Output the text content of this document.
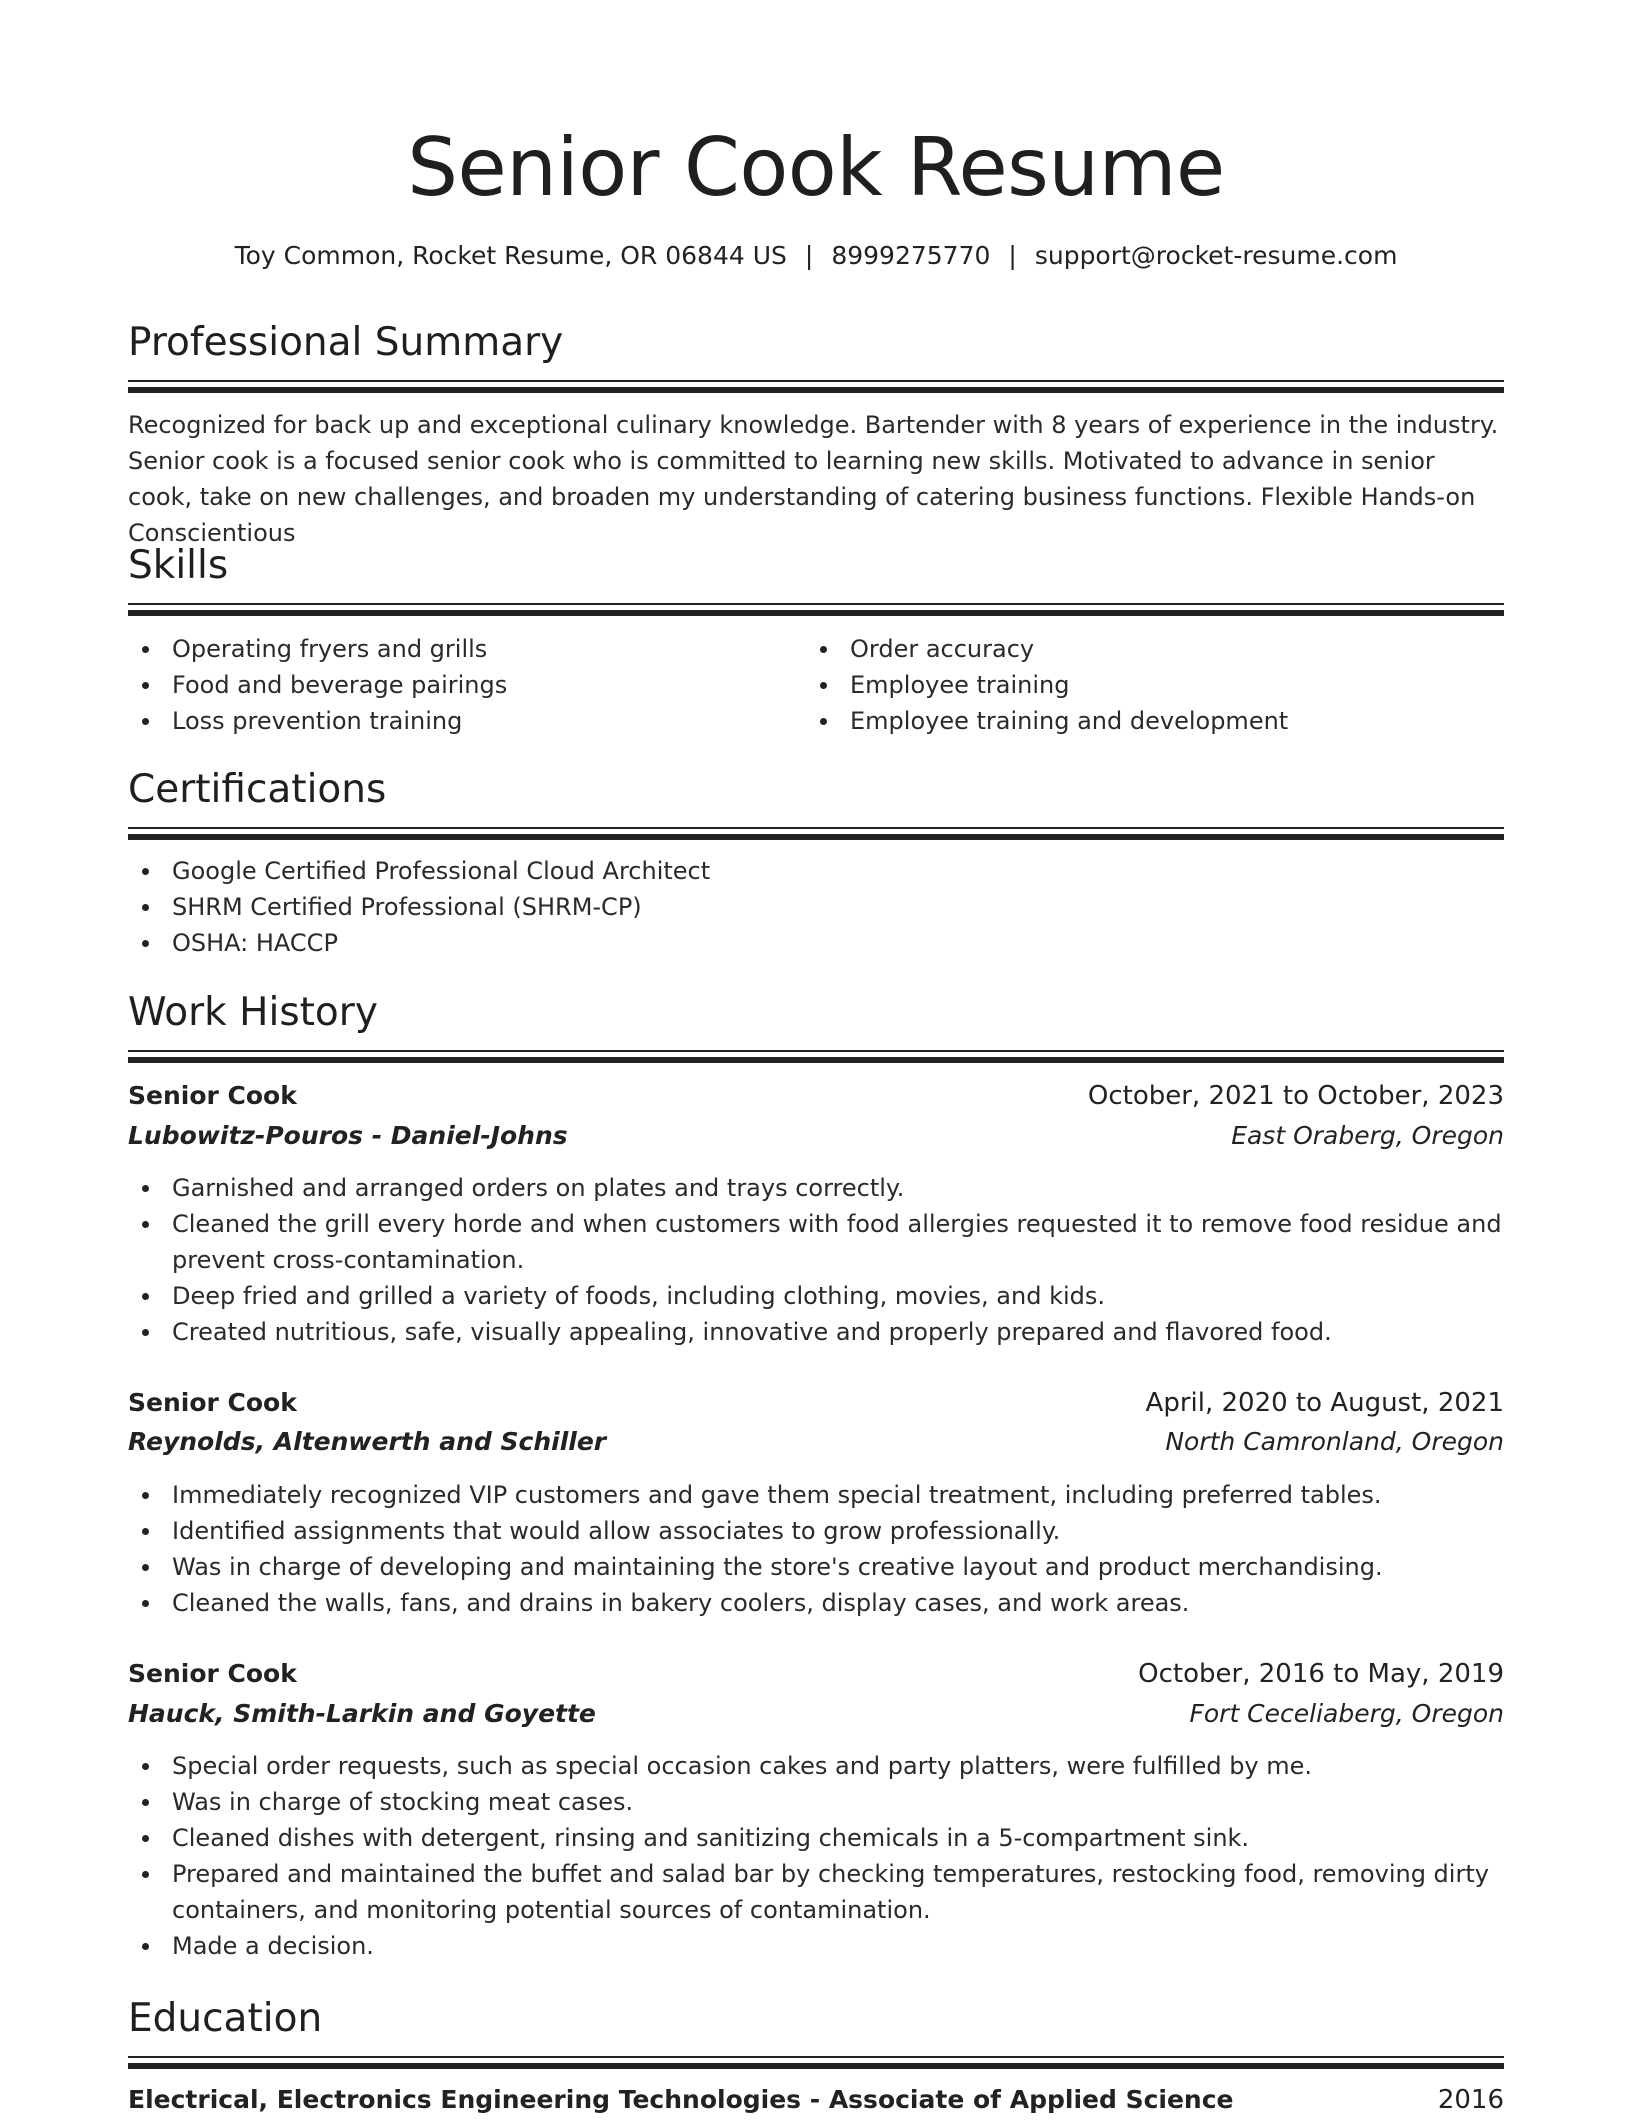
Senior Cook Resume
Toy Common, Rocket Resume, OR 06844 US | 8999275770 | support@rocket-resume.com
Professional Summary

Recognized for back up and exceptional culinary knowledge. Bartender with 8 years of experience in the industry. Senior cook is a focused senior cook who is committed to learning new skills. Motivated to advance in senior cook, take on new challenges, and broaden my understanding of catering business functions. Flexible Hands-on Conscientious

Skills
Operating fryers and grills
Food and beverage pairings
Loss prevention training
Order accuracy
Employee training
Employee training and development
Certifications
Google Certified Professional Cloud Architect
SHRM Certified Professional (SHRM-CP)
OSHA: HACCP
Work History
Senior Cook	October, 2021 to October, 2023
Lubowitz-Pouros - Daniel-Johns	East Oraberg, Oregon
Garnished and arranged orders on plates and trays correctly.
Cleaned the grill every horde and when customers with food allergies requested it to remove food residue and prevent cross-contamination.
Deep fried and grilled a variety of foods, including clothing, movies, and kids.
Created nutritious, safe, visually appealing, innovative and properly prepared and flavored food.
Senior Cook	April, 2020 to August, 2021
Reynolds, Altenwerth and Schiller	North Camronland, Oregon
Immediately recognized VIP customers and gave them special treatment, including preferred tables.
Identified assignments that would allow associates to grow professionally.
Was in charge of developing and maintaining the store's creative layout and product merchandising.
Cleaned the walls, fans, and drains in bakery coolers, display cases, and work areas.
Senior Cook	October, 2016 to May, 2019
Hauck, Smith-Larkin and Goyette	Fort Ceceliaberg, Oregon
Special order requests, such as special occasion cakes and party platters, were fulfilled by me.
Was in charge of stocking meat cases.
Cleaned dishes with detergent, rinsing and sanitizing chemicals in a 5-compartment sink.
Prepared and maintained the buffet and salad bar by checking temperatures, restocking food, removing dirty containers, and monitoring potential sources of contamination.
Made a decision.
Education
Electrical, Electronics Engineering Technologies - Associate of Applied Science	2016
